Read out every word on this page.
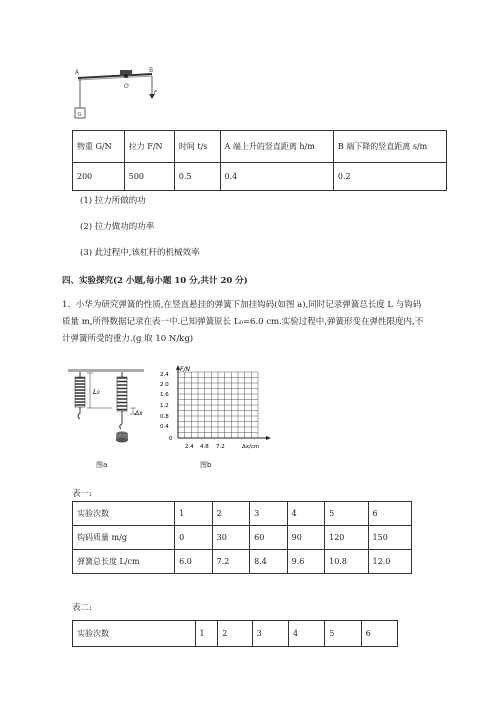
A
O
B
F
G
物重 G/N	拉力 F/N	时间 t/s	A 端上升的竖直距离 h/m	B 端下降的竖直距离 s/m
200	500	0.5	0.4	0.2
(1) 拉力所做的功
(2) 拉力做功的功率
(3) 此过程中,该杠杆的机械效率
四、实验探究(2 小题,每小题 10 分,共计 20 分)
1、小华为研究弹簧的性质,在竖直悬挂的弹簧下加挂钩码(如图 a),同时记录弹簧总长度 L 与钩码
质量 m,所得数据记录在表一中.已知弹簧原长 L₀=6.0 cm.实验过程中,弹簧形变在弹性限度内,不
计弹簧所受的重力.(g 取 10 N/kg)
L₀
Δx
图a
F/N
2.4
2.0
1.6
1.2
0.8
0.4
0
2.4 4.8 7.2	Δx/cm
图b
表一:
实验次数	1	2	3	4	5	6
钩码质量 m/g	0	30	60	90	120	150
弹簧总长度 L/cm	6.0	7.2	8.4	9.6	10.8	12.0
表二:
实验次数	1	2	3	4	5	6
